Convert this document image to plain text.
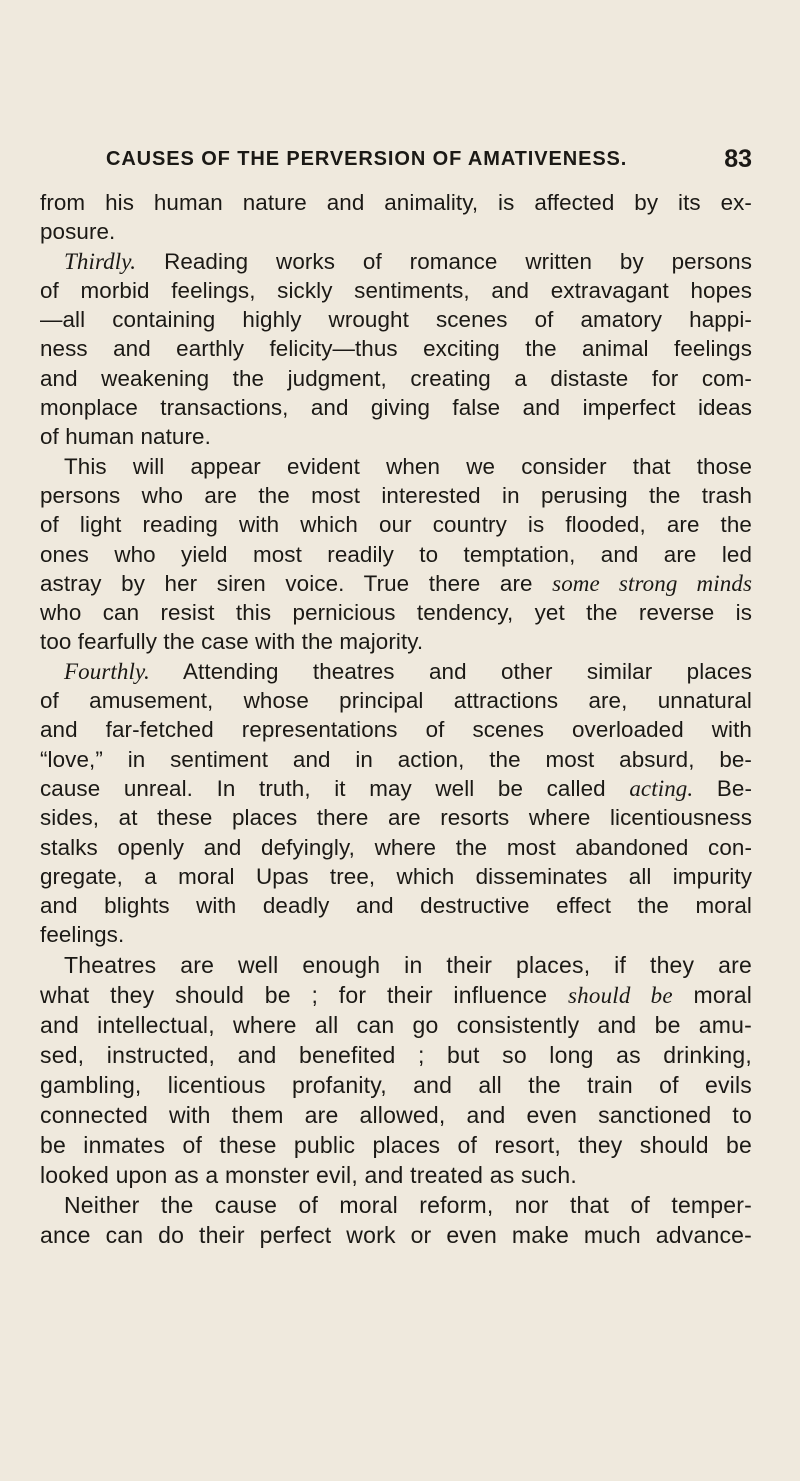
CAUSES OF THE PERVERSION OF AMATIVENESS.	83
from his human nature and animality, is affected by its ex-
posure.
Thirdly. Reading works of romance written by persons
of morbid feelings, sickly sentiments, and extravagant hopes
—all containing highly wrought scenes of amatory happi-
ness and earthly felicity—thus exciting the animal feelings
and weakening the judgment, creating a distaste for com-
monplace transactions, and giving false and imperfect ideas
of human nature.
This will appear evident when we consider that those
persons who are the most interested in perusing the trash
of light reading with which our country is flooded, are the
ones who yield most readily to temptation, and are led
astray by her siren voice. True there are some strong minds
who can resist this pernicious tendency, yet the reverse is
too fearfully the case with the majority.
Fourthly. Attending theatres and other similar places
of amusement, whose principal attractions are, unnatural
and far-fetched representations of scenes overloaded with
“love,” in sentiment and in action, the most absurd, be-
cause unreal. In truth, it may well be called acting. Be-
sides, at these places there are resorts where licentiousness
stalks openly and defyingly, where the most abandoned con-
gregate, a moral Upas tree, which disseminates all impurity
and blights with deadly and destructive effect the moral
feelings.
Theatres are well enough in their places, if they are
what they should be ; for their influence should be moral
and intellectual, where all can go consistently and be amu-
sed, instructed, and benefited ; but so long as drinking,
gambling, licentious profanity, and all the train of evils
connected with them are allowed, and even sanctioned to
be inmates of these public places of resort, they should be
looked upon as a monster evil, and treated as such.
Neither the cause of moral reform, nor that of temper-
ance can do their perfect work or even make much advance-
